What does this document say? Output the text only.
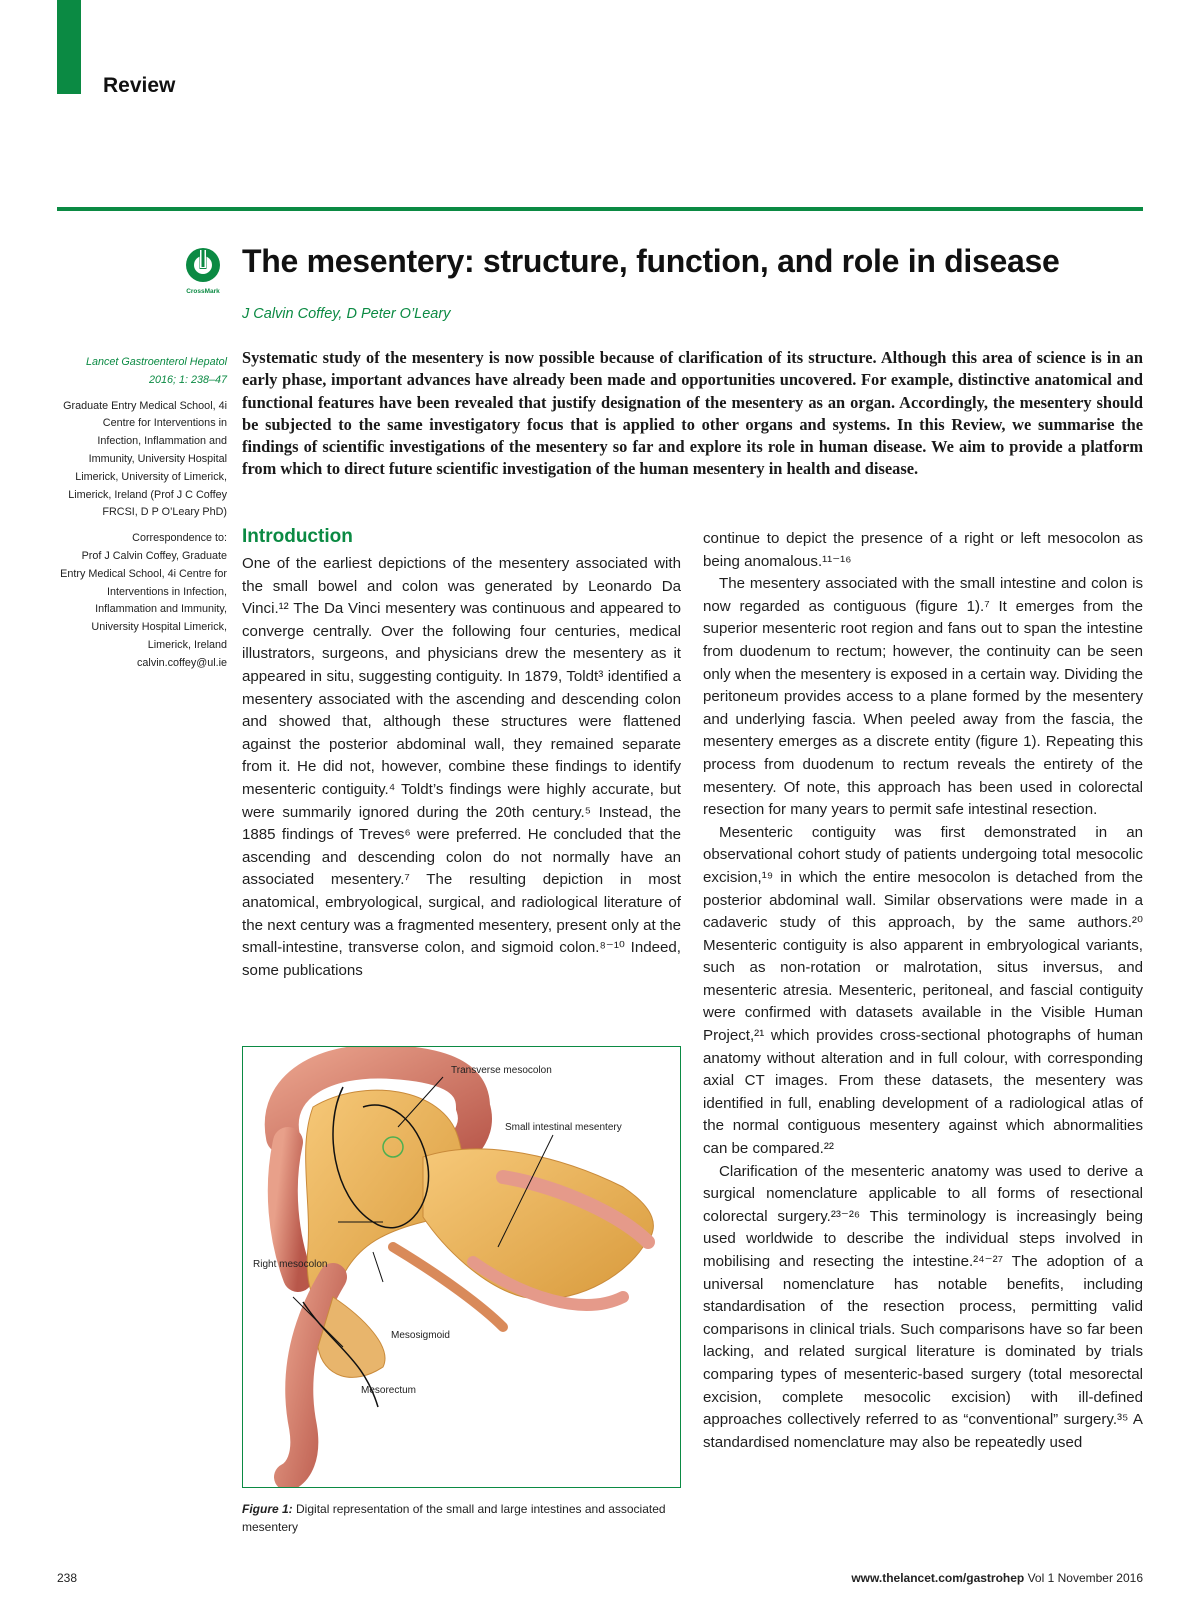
Review
CrossMark
The mesentery: structure, function, and role in disease
J Calvin Coffey, D Peter O’Leary
Lancet Gastroenterol Hepatol
2016; 1: 238–47
Graduate Entry Medical School, 4i Centre for Interventions in Infection, Inflammation and Immunity, University Hospital Limerick, University of Limerick, Limerick, Ireland (Prof J C Coffey FRCSI, D P O’Leary PhD)
Correspondence to:
Prof J Calvin Coffey, Graduate Entry Medical School, 4i Centre for Interventions in Infection, Inflammation and Immunity, University Hospital Limerick, Limerick, Ireland
calvin.coffey@ul.ie
Systematic study of the mesentery is now possible because of clarification of its structure. Although this area of science is in an early phase, important advances have already been made and opportunities uncovered. For example, distinctive anatomical and functional features have been revealed that justify designation of the mesentery as an organ. Accordingly, the mesentery should be subjected to the same investigatory focus that is applied to other organs and systems. In this Review, we summarise the findings of scientific investigations of the mesentery so far and explore its role in human disease. We aim to provide a platform from which to direct future scientific investigation of the human mesentery in health and disease.
Introduction

One of the earliest depictions of the mesentery associated with the small bowel and colon was generated by Leonardo Da Vinci.¹² The Da Vinci mesentery was continuous and appeared to converge centrally. Over the following four centuries, medical illustrators, surgeons, and physicians drew the mesentery as it appeared in situ, suggesting contiguity. In 1879, Toldt³ identified a mesentery associated with the ascending and descending colon and showed that, although these structures were flattened against the posterior abdominal wall, they remained separate from it. He did not, however, combine these findings to identify mesenteric contiguity.⁴ Toldt’s findings were highly accurate, but were summarily ignored during the 20th century.⁵ Instead, the 1885 findings of Treves⁶ were preferred. He concluded that the ascending and descending colon do not normally have an associated mesentery.⁷ The resulting depiction in most anatomical, embryological, surgical, and radiological literature of the next century was a fragmented mesentery, present only at the small-intestine, transverse colon, and sigmoid colon.⁸⁻¹⁰ Indeed, some publications

continue to depict the presence of a right or left mesocolon as being anomalous.¹¹⁻¹⁶

The mesentery associated with the small intestine and colon is now regarded as contiguous (figure 1).⁷ It emerges from the superior mesenteric root region and fans out to span the intestine from duodenum to rectum; however, the continuity can be seen only when the mesentery is exposed in a certain way. Dividing the peritoneum provides access to a plane formed by the mesentery and underlying fascia. When peeled away from the fascia, the mesentery emerges as a discrete entity (figure 1). Repeating this process from duodenum to rectum reveals the entirety of the mesentery. Of note, this approach has been used in colorectal resection for many years to permit safe intestinal resection.

Mesenteric contiguity was first demonstrated in an observational cohort study of patients undergoing total mesocolic excision,¹⁹ in which the entire mesocolon is detached from the posterior abdominal wall. Similar observations were made in a cadaveric study of this approach, by the same authors.²⁰ Mesenteric contiguity is also apparent in embryological variants, such as non-rotation or malrotation, situs inversus, and mesenteric atresia. Mesenteric, peritoneal, and fascial contiguity were confirmed with datasets available in the Visible Human Project,²¹ which provides cross-sectional photographs of human anatomy without alteration and in full colour, with corresponding axial CT images. From these datasets, the mesentery was identified in full, enabling development of a radiological atlas of the normal contiguous mesentery against which abnormalities can be compared.²²

Clarification of the mesenteric anatomy was used to derive a surgical nomenclature applicable to all forms of resectional colorectal surgery.²³⁻²⁶ This terminology is increasingly being used worldwide to describe the individual steps involved in mobilising and resecting the intestine.²⁴⁻²⁷ The adoption of a universal nomenclature has notable benefits, including standardisation of the resection process, permitting valid comparisons in clinical trials. Such comparisons have so far been lacking, and related surgical literature is dominated by trials comparing types of mesenteric-based surgery (total mesorectal excision, complete mesocolic excision) with ill-defined approaches collectively referred to as “conventional” surgery.³⁵ A standardised nomenclature may also be repeatedly used

Transverse mesocolon
Small intestinal mesentery
Right mesocolon
Mesosigmoid
Mesorectum
Figure 1: Digital representation of the small and large intestines and associated mesentery
238	www.thelancet.com/gastrohep Vol 1 November 2016
